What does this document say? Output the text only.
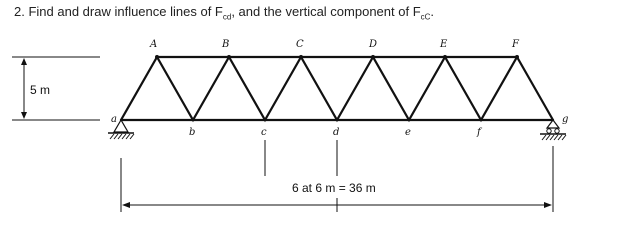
2. Find and draw influence lines of $F_{cd}$, and the vertical component of $F_{cC}$.
A	B	C	D	E	F
a
b	c	d	e	f
g
5 m
6 at 6 m = 36 m
